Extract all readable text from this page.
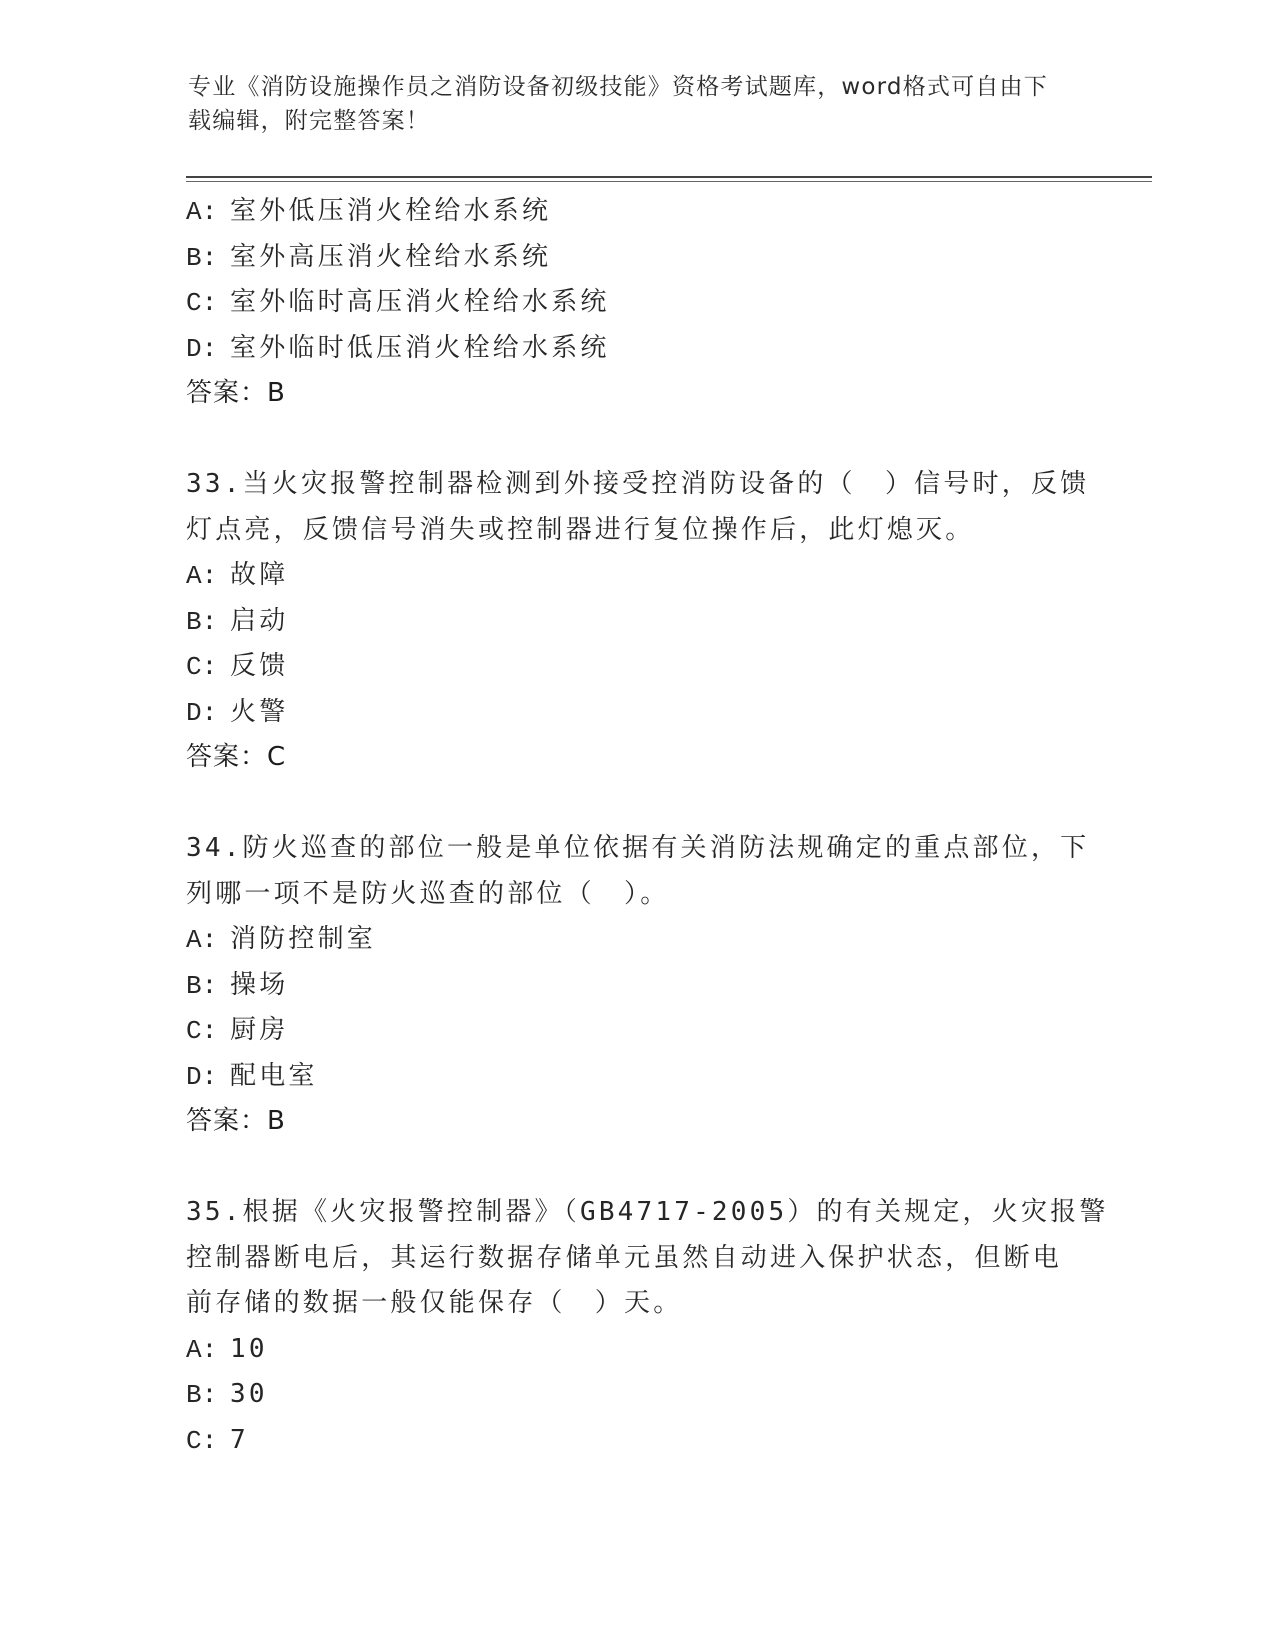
专业《消防设施操作员之消防设备初级技能》资格考试题库，word格式可自由下
载编辑，附完整答案！
A: 室外低压消火栓给水系统
B: 室外高压消火栓给水系统
C: 室外临时高压消火栓给水系统
D: 室外临时低压消火栓给水系统
答案：B
33.当火灾报警控制器检测到外接受控消防设备的（　）信号时，反馈
灯点亮，反馈信号消失或控制器进行复位操作后，此灯熄灭。
A: 故障
B: 启动
C: 反馈
D: 火警
答案：C
34.防火巡查的部位一般是单位依据有关消防法规确定的重点部位，下
列哪一项不是防火巡查的部位（　）。
A: 消防控制室
B: 操场
C: 厨房
D: 配电室
答案：B
35.根据《火灾报警控制器》（GB4717-2005）的有关规定，火灾报警
控制器断电后，其运行数据存储单元虽然自动进入保护状态，但断电
前存储的数据一般仅能保存（　）天。
A: 10
B: 30
C: 7
